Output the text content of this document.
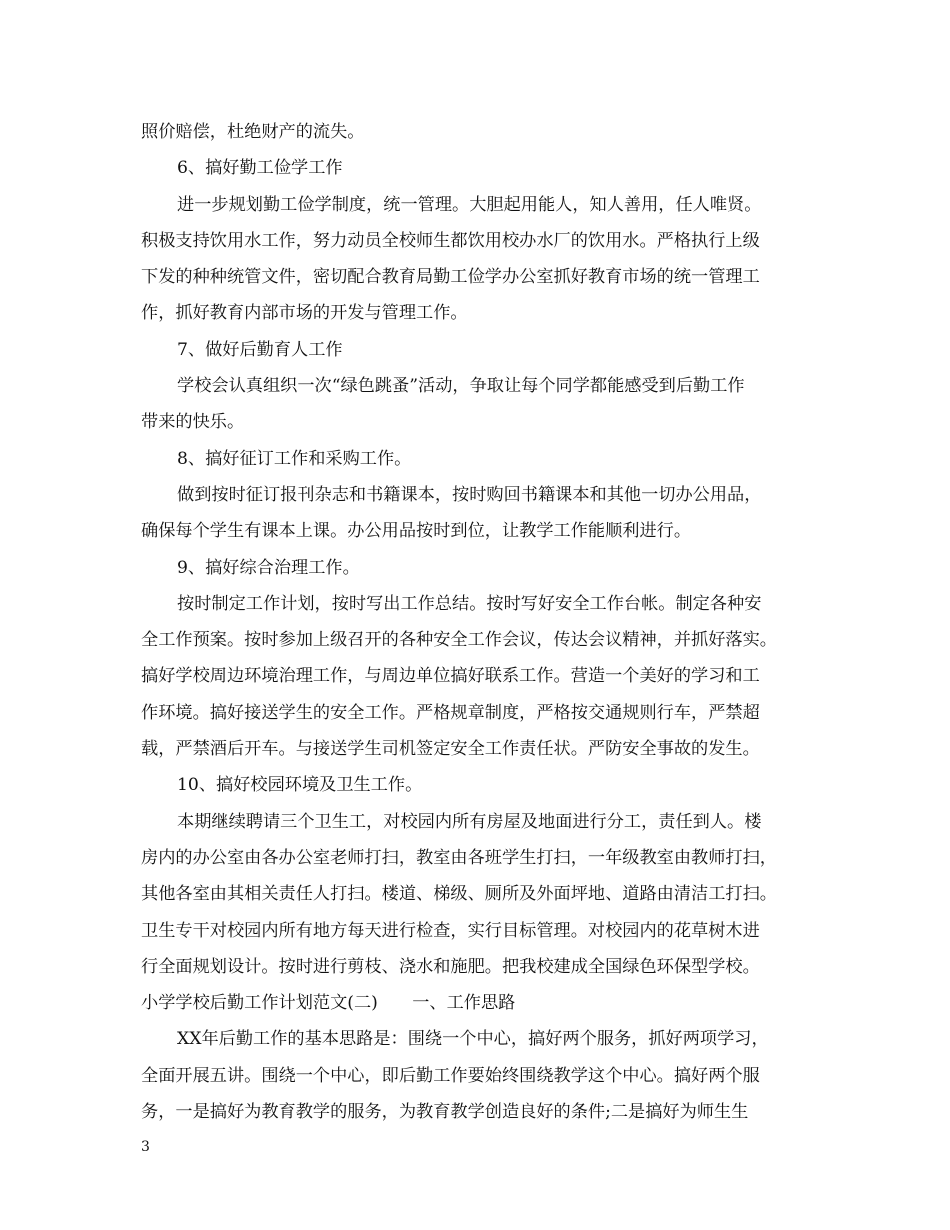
照价赔偿，杜绝财产的流失。
6、搞好勤工俭学工作
进一步规划勤工俭学制度，统一管理。大胆起用能人，知人善用，任人唯贤。
积极支持饮用水工作，努力动员全校师生都饮用校办水厂的饮用水。严格执行上级
下发的种种统管文件，密切配合教育局勤工俭学办公室抓好教育市场的统一管理工
作，抓好教育内部市场的开发与管理工作。
7、做好后勤育人工作
学校会认真组织一次“绿色跳蚤”活动，争取让每个同学都能感受到后勤工作
带来的快乐。
8、搞好征订工作和采购工作。
做到按时征订报刊杂志和书籍课本，按时购回书籍课本和其他一切办公用品，
确保每个学生有课本上课。办公用品按时到位，让教学工作能顺利进行。
9、搞好综合治理工作。
按时制定工作计划，按时写出工作总结。按时写好安全工作台帐。制定各种安
全工作预案。按时参加上级召开的各种安全工作会议，传达会议精神，并抓好落实。
搞好学校周边环境治理工作，与周边单位搞好联系工作。营造一个美好的学习和工
作环境。搞好接送学生的安全工作。严格规章制度，严格按交通规则行车，严禁超
载，严禁酒后开车。与接送学生司机签定安全工作责任状。严防安全事故的发生。
10、搞好校园环境及卫生工作。
本期继续聘请三个卫生工，对校园内所有房屋及地面进行分工，责任到人。楼
房内的办公室由各办公室老师打扫，教室由各班学生打扫，一年级教室由教师打扫，
其他各室由其相关责任人打扫。楼道、梯级、厕所及外面坪地、道路由清洁工打扫。
卫生专干对校园内所有地方每天进行检查，实行目标管理。对校园内的花草树木进
行全面规划设计。按时进行剪枝、浇水和施肥。把我校建成全国绿色环保型学校。
小学学校后勤工作计划范文(二)　　一、工作思路
XX年后勤工作的基本思路是：围绕一个中心，搞好两个服务，抓好两项学习，
全面开展五讲。围绕一个中心，即后勤工作要始终围绕教学这个中心。搞好两个服
务，一是搞好为教育教学的服务，为教育教学创造良好的条件;二是搞好为师生生
3
